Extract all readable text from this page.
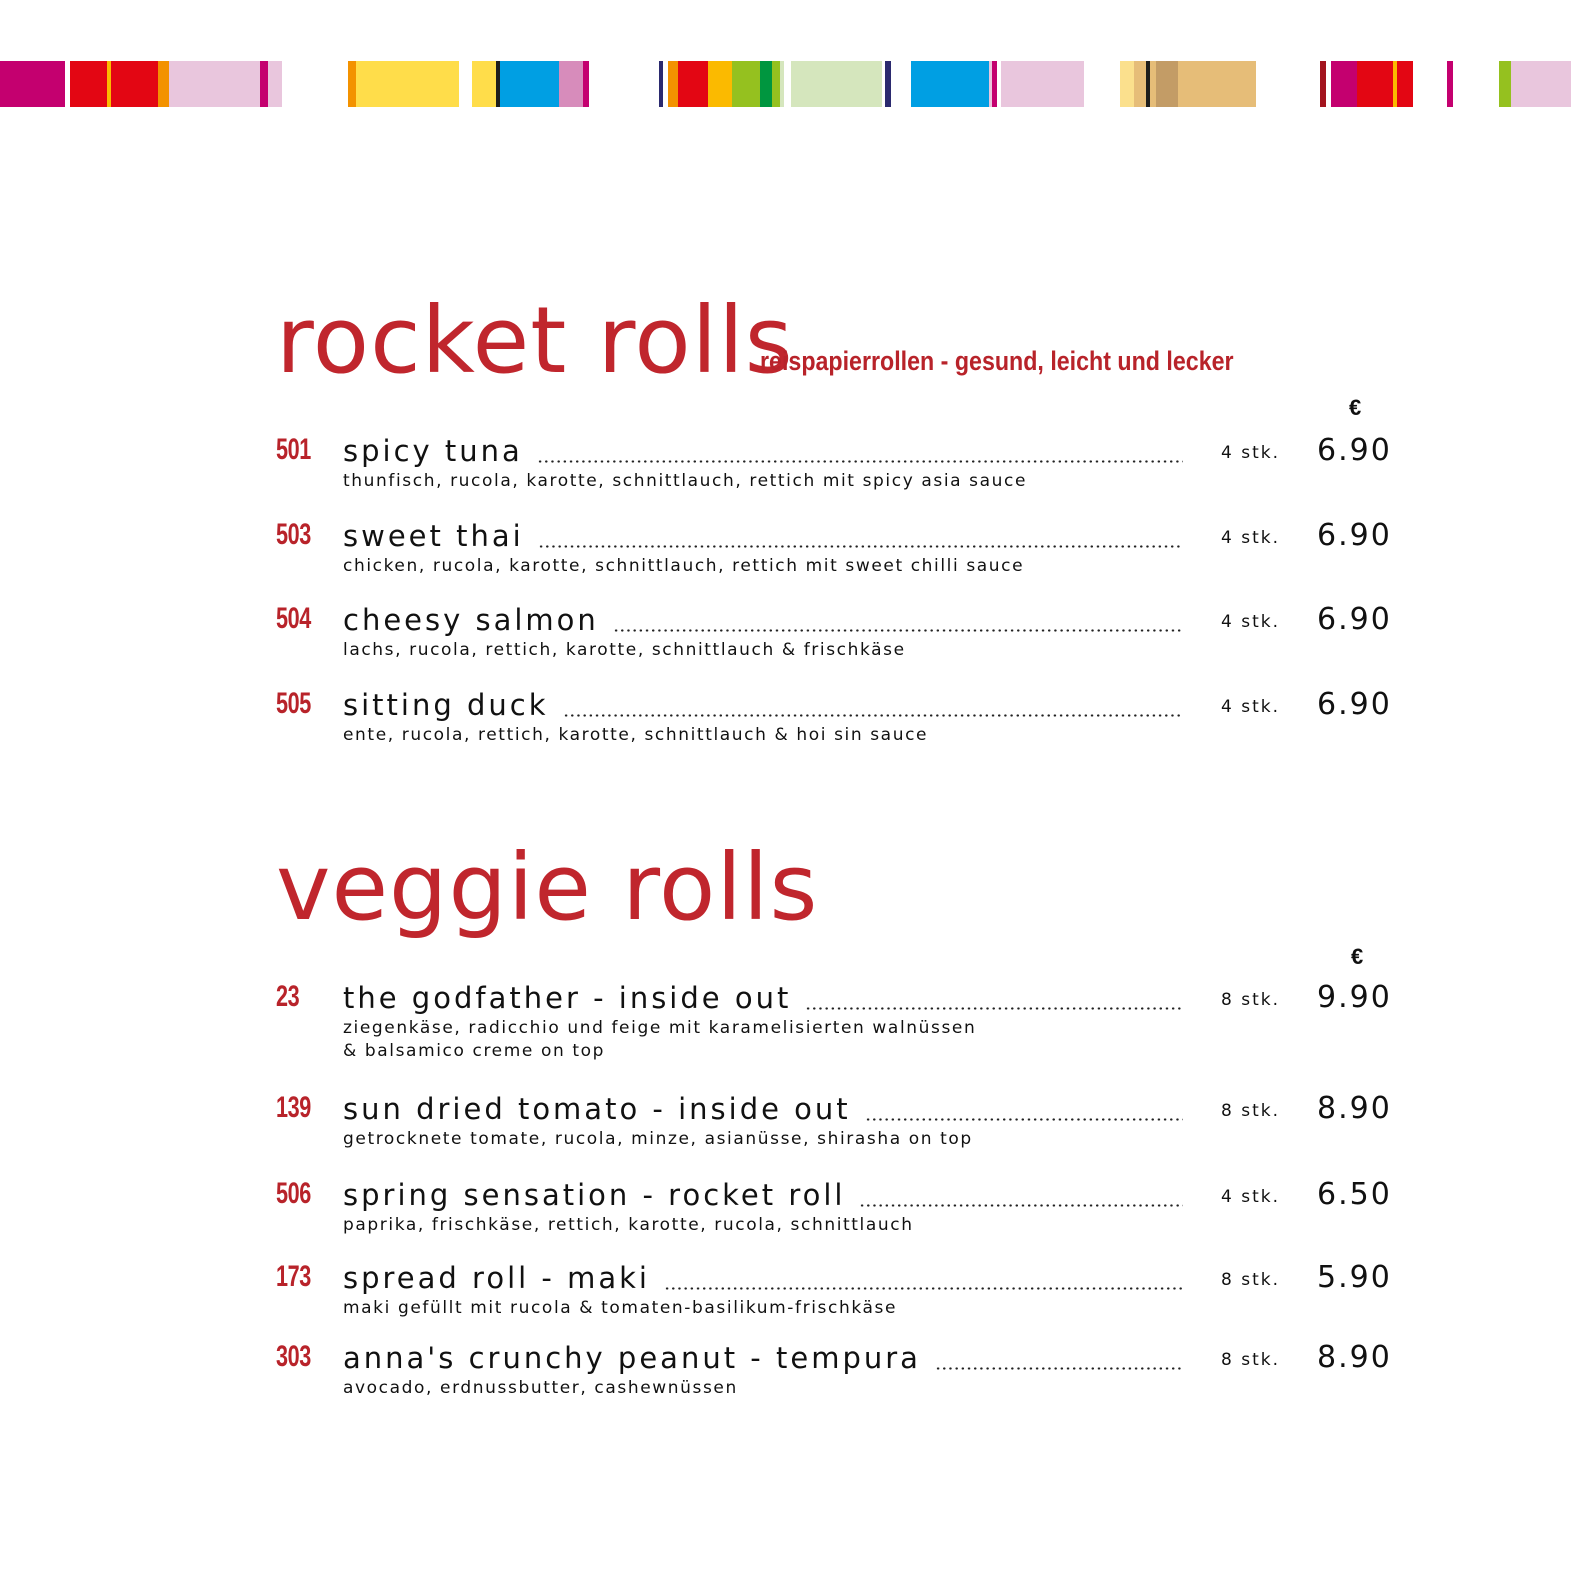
rocket rolls
reispapierrollen - gesund, leicht und lecker
€
501 spicy tuna	4 stk. 6.90
thunfisch, rucola, karotte, schnittlauch, rettich mit spicy asia sauce
503 sweet thai	4 stk. 6.90
chicken, rucola, karotte, schnittlauch, rettich mit sweet chilli sauce
504 cheesy salmon	4 stk. 6.90
lachs, rucola, rettich, karotte, schnittlauch & frischkäse
505 sitting duck	4 stk. 6.90
ente, rucola, rettich, karotte, schnittlauch & hoi sin sauce
veggie rolls
€
23 the godfather - inside out	8 stk. 9.90
ziegenkäse, radicchio und feige mit karamelisierten walnüssen
& balsamico creme on top
139 sun dried tomato - inside out	8 stk. 8.90
getrocknete tomate, rucola, minze, asianüsse, shirasha on top
506 spring sensation - rocket roll	4 stk. 6.50
paprika, frischkäse, rettich, karotte, rucola, schnittlauch
173 spread roll - maki	8 stk. 5.90
maki gefüllt mit rucola & tomaten-basilikum-frischkäse
303 anna's crunchy peanut - tempura	8 stk. 8.90
avocado, erdnussbutter, cashewnüssen
